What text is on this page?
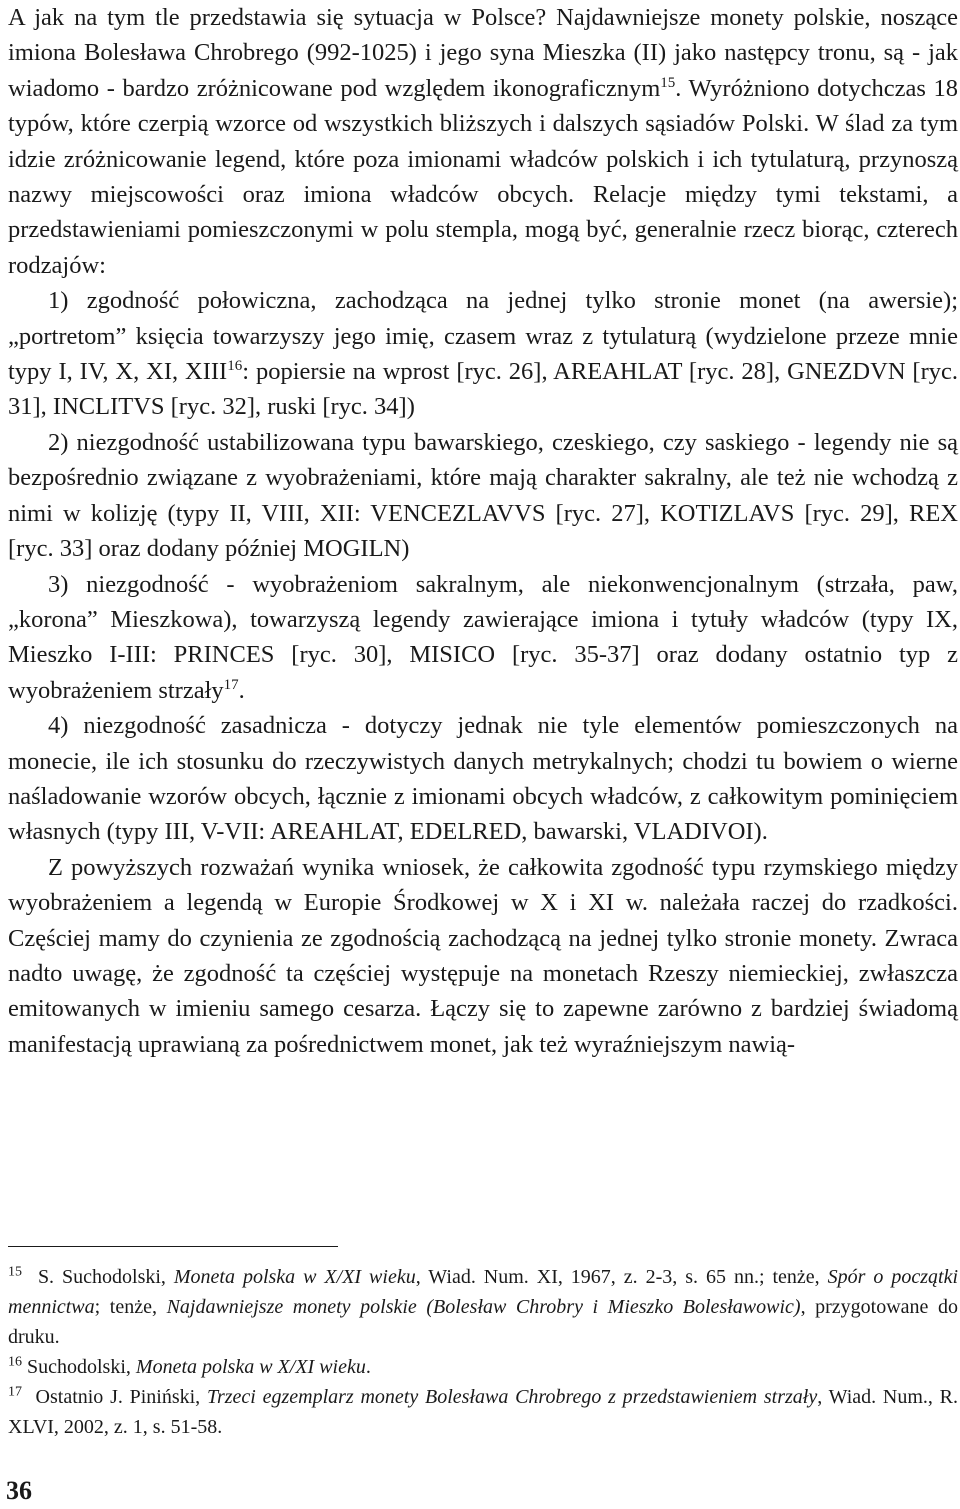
A jak na tym tle przedstawia się sytuacja w Polsce? Najdawniejsze monety polskie, noszące imiona Bolesława Chrobrego (992-1025) i jego syna Mieszka (II) jako następcy tronu, są - jak wiadomo - bardzo zróżnicowane pod względem ikonograficznym$^{15}$. Wyróżniono dotychczas 18 typów, które czerpią wzorce od wszystkich bliższych i dalszych sąsiadów Polski. W ślad za tym idzie zróżnicowanie legend, które poza imionami władców polskich i ich tytulaturą, przynoszą nazwy miejscowości oraz imiona władców obcych. Relacje między tymi tekstami, a przedstawieniami pomieszczonymi w polu stempla, mogą być, generalnie rzecz biorąc, czterech rodzajów:

1) zgodność połowiczna, zachodząca na jednej tylko stronie monet (na awersie); „portretom” księcia towarzyszy jego imię, czasem wraz z tytulaturą (wydzielone przeze mnie typy I, IV, X, XI, XIII$^{16}$: popiersie na wprost [ryc. 26], AREAHLAT [ryc. 28], GNEZDVN [ryc. 31], INCLITVS [ryc. 32], ruski [ryc. 34])

2) niezgodność ustabilizowana typu bawarskiego, czeskiego, czy saskiego - legendy nie są bezpośrednio związane z wyobrażeniami, które mają charakter sakralny, ale też nie wchodzą z nimi w kolizję (typy II, VIII, XII: VENCEZLAVVS [ryc. 27], KOTIZLAVS [ryc. 29], REX [ryc. 33] oraz dodany później MOGILN)

3) niezgodność - wyobrażeniom sakralnym, ale niekonwencjonalnym (strzała, paw, „korona” Mieszkowa), towarzyszą legendy zawierające imiona i tytuły władców (typy IX, Mieszko I-III: PRINCES [ryc. 30], MISICO [ryc. 35-37] oraz dodany ostatnio typ z wyobrażeniem strzały$^{17}$.

4) niezgodność zasadnicza - dotyczy jednak nie tyle elementów pomieszczonych na monecie, ile ich stosunku do rzeczywistych danych metrykalnych; chodzi tu bowiem o wierne naśladowanie wzorów obcych, łącznie z imionami obcych władców, z całkowitym pominięciem własnych (typy III, V-VII: AREAHLAT, EDELRED, bawarski, VLADIVOI).

Z powyższych rozważań wynika wniosek, że całkowita zgodność typu rzymskiego między wyobrażeniem a legendą w Europie Środkowej w X i XI w. należała raczej do rzadkości. Częściej mamy do czynienia ze zgodnością zachodzącą na jednej tylko stronie monety. Zwraca nadto uwagę, że zgodność ta częściej występuje na monetach Rzeszy niemieckiej, zwłaszcza emitowanych w imieniu samego cesarza. Łączy się to zapewne zarówno z bardziej świadomą manifestacją uprawianą za pośrednictwem monet, jak też wyraźniejszym nawią-

$^{15}$ S. Suchodolski, Moneta polska w X/XI wieku, Wiad. Num. XI, 1967, z. 2-3, s. 65 nn.; tenże, Spór o początki mennictwa; tenże, Najdawniejsze monety polskie (Bolesław Chrobry i Mieszko Bolesławowic), przygotowane do druku.

$^{16}$ Suchodolski, Moneta polska w X/XI wieku.

$^{17}$ Ostatnio J. Piniński, Trzeci egzemplarz monety Bolesława Chrobrego z przedstawieniem strzały, Wiad. Num., R. XLVI, 2002, z. 1, s. 51-58.

36
